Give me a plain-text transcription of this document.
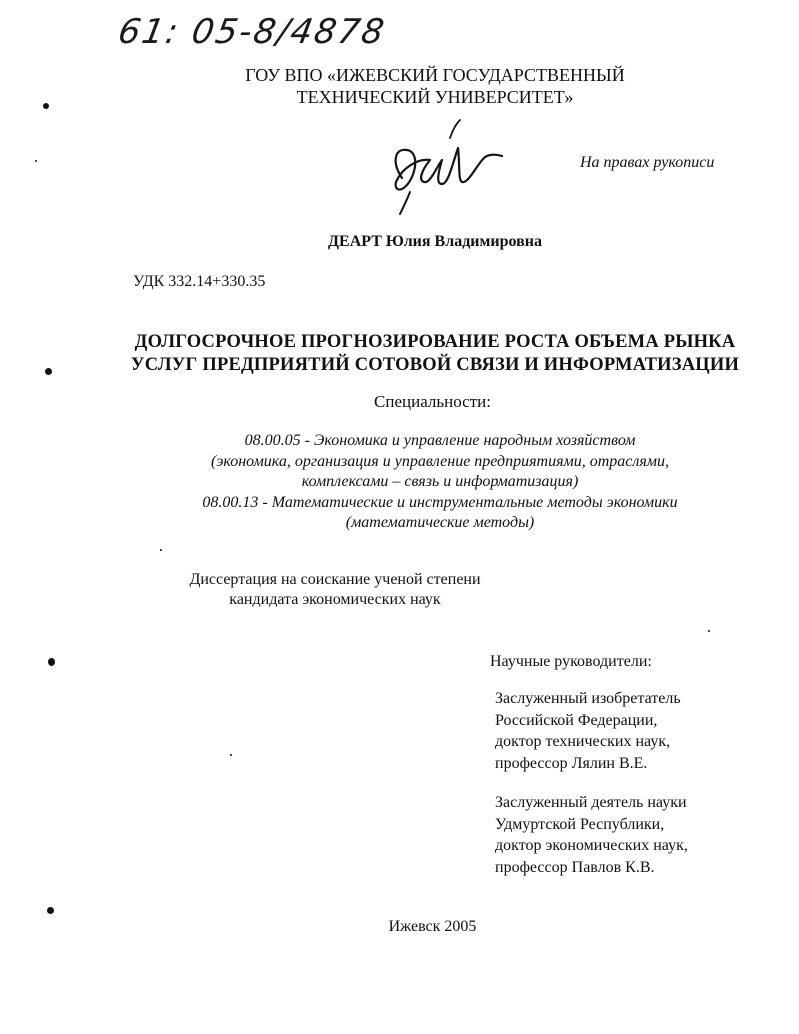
61: 05-8/4878
ГОУ ВПО «ИЖЕВСКИЙ ГОСУДАРСТВЕННЫЙ
ТЕХНИЧЕСКИЙ УНИВЕРСИТЕТ»
На правах рукописи
ДЕАРТ Юлия Владимировна
УДК 332.14+330.35
ДОЛГОСРОЧНОЕ ПРОГНОЗИРОВАНИЕ РОСТА ОБЪЕМА РЫНКА
УСЛУГ ПРЕДПРИЯТИЙ СОТОВОЙ СВЯЗИ И ИНФОРМАТИЗАЦИИ
Специальности:
08.00.05 - Экономика и управление народным хозяйством
(экономика, организация и управление предприятиями, отраслями,
комплексами – связь и информатизация)
08.00.13 - Математические и инструментальные методы экономики
(математические методы)
Диссертация на соискание ученой степени
кандидата экономических наук
Научные руководители:
Заслуженный изобретатель
Российской Федерации,
доктор технических наук,
профессор Лялин В.Е.
Заслуженный деятель науки
Удмуртской Республики,
доктор экономических наук,
профессор Павлов К.В.
Ижевск 2005
